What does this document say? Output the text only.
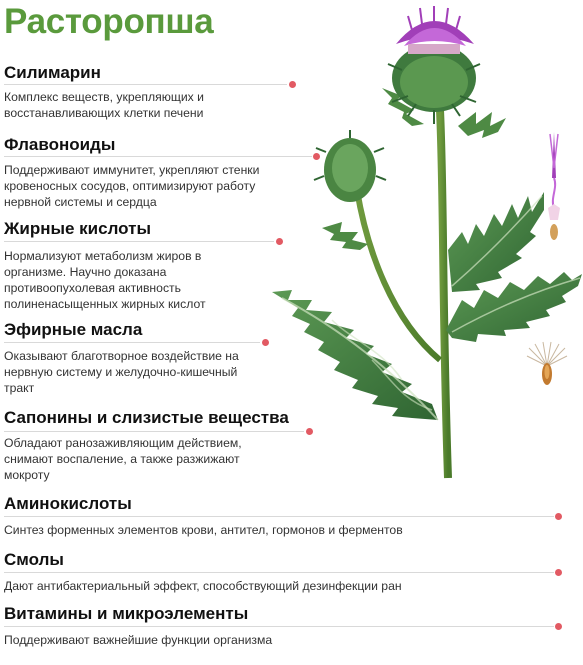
Расторопша
Силимарин

Комплекс веществ, укрепляющих и восстанавливающих клетки печени

Флавоноиды

Поддерживают иммунитет, укрепляют стенки кровеносных сосудов, оптимизируют работу нервной системы и сердца

Жирные кислоты

Нормализуют метаболизм жиров в организме. Научно доказана противоопухолевая активность полиненасыщенных жирных кислот

Эфирные масла

Оказывают благотворное воздействие на нервную систему и желудочно-кишечный тракт

Сапонины и слизистые вещества

Обладают ранозаживляющим действием, снимают воспаление, а также разжижают мокроту

Аминокислоты

Синтез форменных элементов крови, антител, гормонов и ферментов

Смолы

Дают антибактериальный эффект, способствующий дезинфекции ран

Витамины и микроэлементы

Поддерживают важнейшие функции организма
